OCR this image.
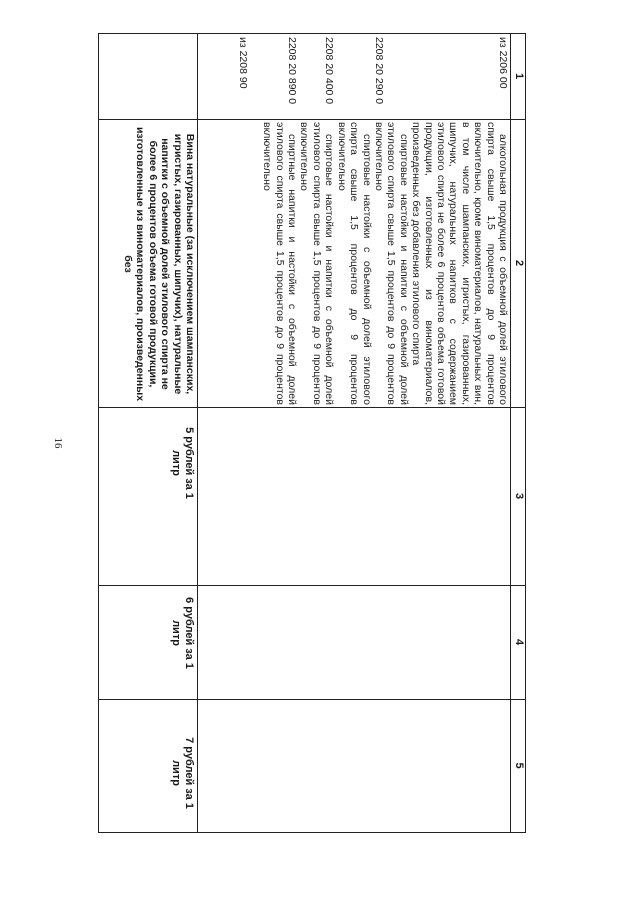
16
1
2
3
4
5
из 2206 00
2208 20 290 0
2208 20 400 0
2208 20 890 0
из 2208 90

алкогольная продукция с объемной долей этилового спирта свыше 1,5 процентов до 9 процентов включительно, кроме виноматериалов, натуральных вин, в том числе шампанских, игристых, газированных, шипучих, натуральных напитков с содержанием этилового спирта не более 6 процентов объема готовой продукции, изготовленных из виноматериалов, произведенных без добавления этилового спирта

спиртовые настойки и напитки с объемной долей этилового спирта свыше 1,5 процентов до 9 процентов включительно

спиртовые настойки с объемной долей этилового спирта свыше 1,5 процентов до 9 процентов включительно

спиртовые настойки и напитки с объемной долей этилового спирта свыше 1,5 процентов до 9 процентов включительно

спиртные напитки и настойки с объемной долей этилового спирта свыше 1,5 процентов до 9 процентов включительно

Вина натуральные (за исключением шампанских, игристых, газированных, шипучих), натуральные напитки с объемной долей этилового спирта не более 6 процентов объема готовой продукции, изготовленные из виноматериалов, произведенных без
5 рублей за 1 литр
6 рублей за 1 литр
7 рублей за 1 литр
